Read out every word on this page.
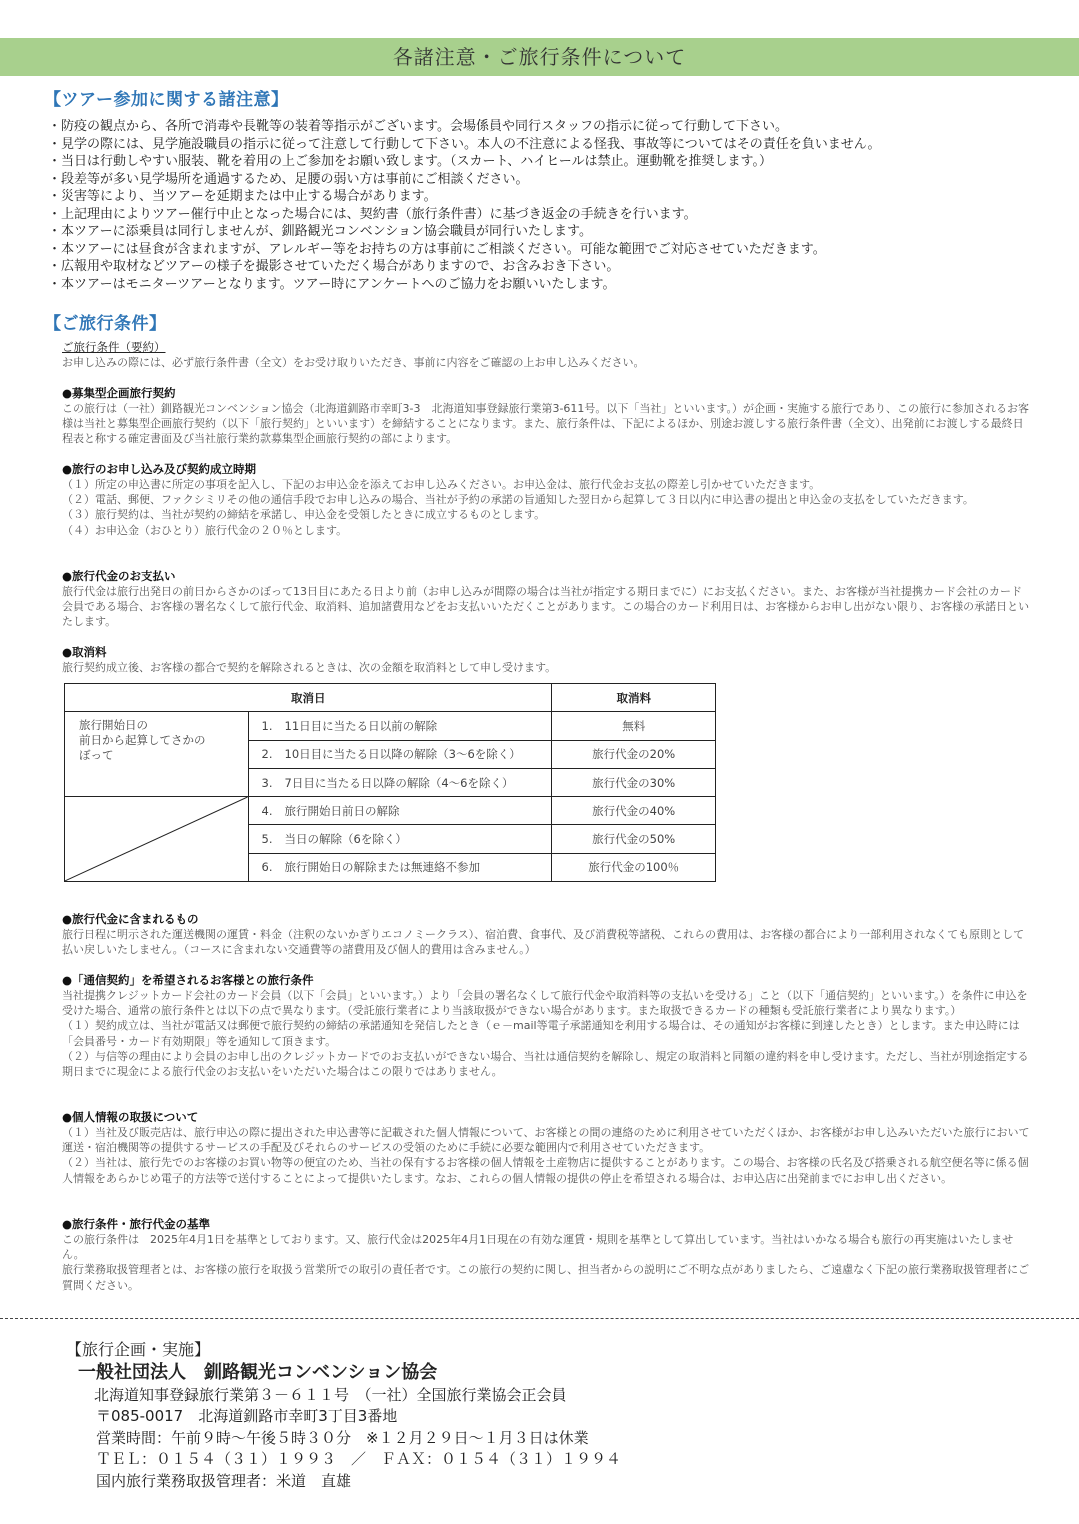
各諸注意・ご旅行条件について
【ツアー参加に関する諸注意】
・防疫の観点から、各所で消毒や長靴等の装着等指示がございます。会場係員や同行スタッフの指示に従って行動して下さい。
・見学の際には、見学施設職員の指示に従って注意して行動して下さい。本人の不注意による怪我、事故等についてはその責任を負いません。
・当日は行動しやすい服装、靴を着用の上ご参加をお願い致します。（スカート、ハイヒールは禁止。運動靴を推奨します。）
・段差等が多い見学場所を通過するため、足腰の弱い方は事前にご相談ください。
・災害等により、当ツアーを延期または中止する場合があります。
・上記理由によりツアー催行中止となった場合には、契約書（旅行条件書）に基づき返金の手続きを行います。
・本ツアーに添乗員は同行しませんが、釧路観光コンベンション協会職員が同行いたします。
・本ツアーには昼食が含まれますが、アレルギー等をお持ちの方は事前にご相談ください。可能な範囲でご対応させていただきます。
・広報用や取材などツアーの様子を撮影させていただく場合がありますので、お含みおき下さい。
・本ツアーはモニターツアーとなります。ツアー時にアンケートへのご協力をお願いいたします。
【ご旅行条件】
ご旅行条件（要約）
お申し込みの際には、必ず旅行条件書（全文）をお受け取りいただき、事前に内容をご確認の上お申し込みください。
●募集型企画旅行契約
この旅行は（一社）釧路観光コンベンション協会（北海道釧路市幸町3-3　北海道知事登録旅行業第3-611号。以下「当社」といいます。）が企画・実施する旅行であり、この旅行に参加されるお客様は当社と募集型企画旅行契約（以下「旅行契約」といいます）を締結することになります。また、旅行条件は、下記によるほか、別途お渡しする旅行条件書（全文）、出発前にお渡しする最終日程表と称する確定書面及び当社旅行業約款募集型企画旅行契約の部によります。
●旅行のお申し込み及び契約成立時期
（１）所定の申込書に所定の事項を記入し、下記のお申込金を添えてお申し込みください。お申込金は、旅行代金お支払の際差し引かせていただきます。
（２）電話、郵便、ファクシミリその他の通信手段でお申し込みの場合、当社が予約の承諾の旨通知した翌日から起算して３日以内に申込書の提出と申込金の支払をしていただきます。
（３）旅行契約は、当社が契約の締結を承諾し、申込金を受領したときに成立するものとします。
（４）お申込金（おひとり）旅行代金の２０％とします。
●旅行代金のお支払い
旅行代金は旅行出発日の前日からさかのぼって13日目にあたる日より前（お申し込みが間際の場合は当社が指定する期日までに）にお支払ください。また、お客様が当社提携カード会社のカード会員である場合、お客様の署名なくして旅行代金、取消料、追加諸費用などをお支払いいただくことがあります。この場合のカード利用日は、お客様からお申し出がない限り、お客様の承諾日といたします。
●取消料
旅行契約成立後、お客様の都合で契約を解除されるときは、次の金額を取消料として申し受けます。
取消日		取消料
旅行開始日の
前日から起算してさかの
ぼって	1. 11日目に当たる日以前の解除	無料
	2. 10日目に当たる日以降の解除（3～6を除く）	旅行代金の20%
	3. 7日目に当たる日以降の解除（4～6を除く）	旅行代金の30%

	4. 旅行開始日前日の解除	旅行代金の40%
	5. 当日の解除（6を除く）	旅行代金の50%
	6. 旅行開始日の解除または無連絡不参加	旅行代金の100％
●旅行代金に含まれるもの
旅行日程に明示された運送機関の運賃・料金（注釈のないかぎりエコノミークラス）、宿泊費、食事代、及び消費税等諸税、これらの費用は、お客様の都合により一部利用されなくても原則として払い戻しいたしません。（コースに含まれない交通費等の諸費用及び個人的費用は含みません。）
●「通信契約」を希望されるお客様との旅行条件
当社提携クレジットカード会社のカード会員（以下「会員」といいます。）より「会員の署名なくして旅行代金や取消料等の支払いを受ける」こと（以下「通信契約」といいます。）を条件に申込を受けた場合、通常の旅行条件とは以下の点で異なります。（受託旅行業者により当該取扱ができない場合があります。また取扱できるカードの種類も受託旅行業者により異なります。）
（１）契約成立は、当社が電話又は郵便で旅行契約の締結の承諾通知を発信したとき（ｅ－mail等電子承諾通知を利用する場合は、その通知がお客様に到達したとき）とします。また申込時には「会員番号・カード有効期限」等を通知して頂きます。
（２）与信等の理由により会員のお申し出のクレジットカードでのお支払いができない場合、当社は通信契約を解除し、規定の取消料と同額の違約料を申し受けます。ただし、当社が別途指定する期日までに現金による旅行代金のお支払いをいただいた場合はこの限りではありません。
●個人情報の取扱について
（１）当社及び販売店は、旅行申込の際に提出された申込書等に記載された個人情報について、お客様との間の連絡のために利用させていただくほか、お客様がお申し込みいただいた旅行において運送・宿泊機関等の提供するサービスの手配及びそれらのサービスの受領のために手続に必要な範囲内で利用させていただきます。
（２）当社は、旅行先でのお客様のお買い物等の便宜のため、当社の保有するお客様の個人情報を土産物店に提供することがあります。この場合、お客様の氏名及び搭乗される航空便名等に係る個人情報をあらかじめ電子的方法等で送付することによって提供いたします。なお、これらの個人情報の提供の停止を希望される場合は、お申込店に出発前までにお申し出ください。
●旅行条件・旅行代金の基準
この旅行条件は　2025年4月1日を基準としております。又、旅行代金は2025年4月1日現在の有効な運賃・規則を基準として算出しています。当社はいかなる場合も旅行の再実施はいたしません。
旅行業務取扱管理者とは、お客様の旅行を取扱う営業所での取引の責任者です。この旅行の契約に関し、担当者からの説明にご不明な点がありましたら、ご遠慮なく下記の旅行業務取扱管理者にご質問ください。
【旅行企画・実施】
一般社団法人　釧路観光コンベンション協会
北海道知事登録旅行業第３－６１１号　（一社）全国旅行業協会正会員
〒085-0017　北海道釧路市幸町3丁目3番地
営業時間：午前９時～午後５時３０分　※１２月２９日～１月３日は休業
ＴＥＬ：０１５４（３１）１９９３　／　ＦＡＸ：０１５４（３１）１９９４
国内旅行業務取扱管理者：米道　直雄
